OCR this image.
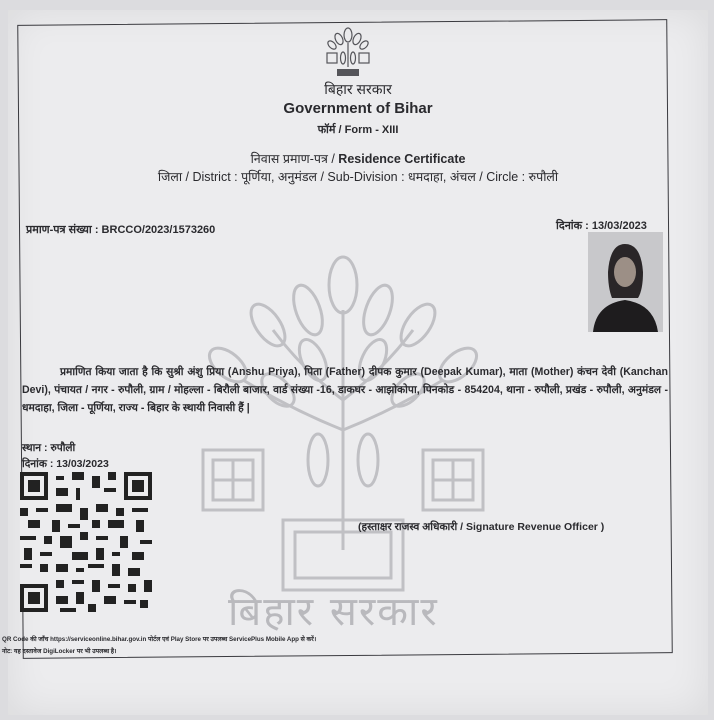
बिहार सरकार
Government of Bihar
फॉर्म / Form - XIII
निवास प्रमाण-पत्र / Residence Certificate
जिला / District : पूर्णिया, अनुमंडल / Sub-Division : धमदाहा, अंचल / Circle : रुपौली
प्रमाण-पत्र संख्या : BRCCO/2023/1573260	दिनांक : 13/03/2023
प्रमाणित किया जाता है कि सुश्री अंशु प्रिया (Anshu Priya), पिता (Father) दीपक कुमार (Deepak Kumar), माता (Mother) कंचन देवी (Kanchan Devi), पंचायत / नगर - रुपौली, ग्राम / मोहल्ला - बिरौली बाजार, वार्ड संख्या -16, डाकघर - आझोकोपा, पिनकोड - 854204, थाना - रुपौली, प्रखंड - रुपौली, अनुमंडल - धमदाहा, जिला - पूर्णिया, राज्य - बिहार के स्थायी निवासी हैं |
स्थान : रुपौली
दिनांक : 13/03/2023
(हस्ताक्षर राजस्व अधिकारी / Signature Revenue Officer )
बिहार सरकार
QR Code की जाँच https://serviceonline.bihar.gov.in पोर्टल एवं Play Store पर उपलब्ध ServicePlus Mobile App से करें।
नोट: यह दस्तावेज DigiLocker पर भी उपलब्ध है।
